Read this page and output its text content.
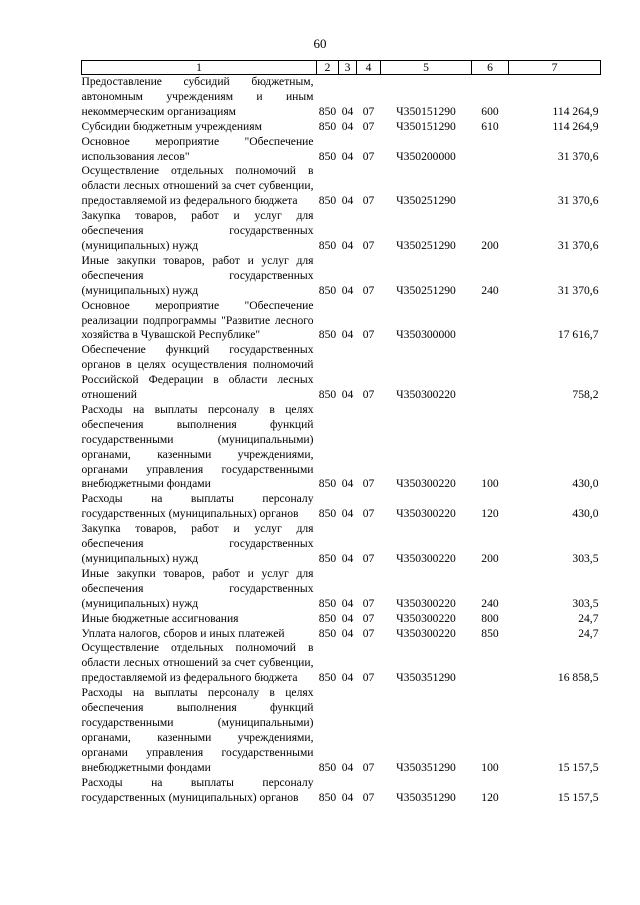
60
1	2	3	4	5	6	7
Предоставление субсидий бюджетным, автономным учреждениям и иным некоммерческим организациям	850	04	07	Ч350151290	600	114 264,9
Субсидии бюджетным учреждениям	850	04	07	Ч350151290	610	114 264,9
Основное мероприятие "Обеспечение использования лесов"	850	04	07	Ч350200000		31 370,6
Осуществление отдельных полномочий в области лесных отношений за счет субвенции, предоставляемой из федерального бюджета	850	04	07	Ч350251290		31 370,6
Закупка товаров, работ и услуг для обеспечения государственных (муниципальных) нужд	850	04	07	Ч350251290	200	31 370,6
Иные закупки товаров, работ и услуг для обеспечения государственных (муниципальных) нужд	850	04	07	Ч350251290	240	31 370,6
Основное мероприятие "Обеспечение реализации подпрограммы "Развитие лесного хозяйства в Чувашской Республике"	850	04	07	Ч350300000		17 616,7
Обеспечение функций государственных органов в целях осуществления полномочий Российской Федерации в области лесных отношений	850	04	07	Ч350300220		758,2
Расходы на выплаты персоналу в целях обеспечения выполнения функций государственными (муниципальными) органами, казенными учреждениями, органами управления государственными внебюджетными фондами	850	04	07	Ч350300220	100	430,0
Расходы на выплаты персоналу государственных (муниципальных) органов	850	04	07	Ч350300220	120	430,0
Закупка товаров, работ и услуг для обеспечения государственных (муниципальных) нужд	850	04	07	Ч350300220	200	303,5
Иные закупки товаров, работ и услуг для обеспечения государственных (муниципальных) нужд	850	04	07	Ч350300220	240	303,5
Иные бюджетные ассигнования	850	04	07	Ч350300220	800	24,7
Уплата налогов, сборов и иных платежей	850	04	07	Ч350300220	850	24,7
Осуществление отдельных полномочий в области лесных отношений за счет субвенции, предоставляемой из федерального бюджета	850	04	07	Ч350351290		16 858,5
Расходы на выплаты персоналу в целях обеспечения выполнения функций государственными (муниципальными) органами, казенными учреждениями, органами управления государственными внебюджетными фондами	850	04	07	Ч350351290	100	15 157,5
Расходы на выплаты персоналу государственных (муниципальных) органов	850	04	07	Ч350351290	120	15 157,5
